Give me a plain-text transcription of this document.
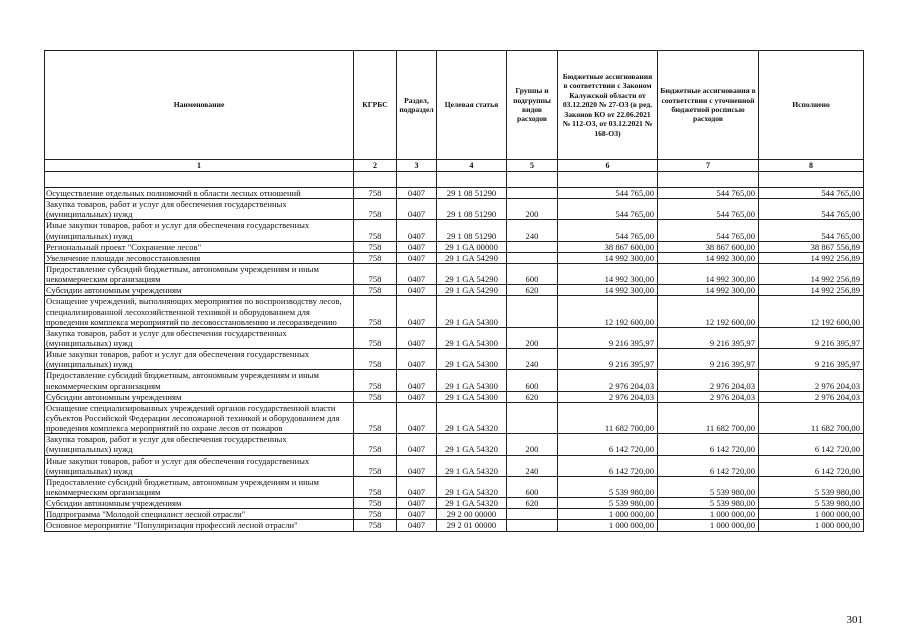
Наименование	КГРБС	Раздел, подраздел	Целевая статья	Группы и подгруппы видов расходов	Бюджетные ассигнования в соответствии с Законом Калужской области от 03.12.2020 № 27-ОЗ (в ред. Законов КО от 22.06.2021 № 112-ОЗ, от 03.12.2021 № 168-ОЗ)	Бюджетные ассигнования в соответствии с уточненной бюджетной росписью расходов	Исполнено
1	2	3	4	5	6	7	8

Осуществление отдельных полномочий в области лесных отношений	758	0407	29 1 08 51290		544 765,00	544 765,00	544 765,00
Закупка товаров, работ и услуг для обеспечения государственных (муниципальных) нужд	758	0407	29 1 08 51290	200	544 765,00	544 765,00	544 765,00
Иные закупки товаров, работ и услуг для обеспечения государственных (муниципальных) нужд	758	0407	29 1 08 51290	240	544 765,00	544 765,00	544 765,00
Региональный проект "Сохранение лесов"	758	0407	29 1 GA 00000		38 867 600,00	38 867 600,00	38 867 556,89
Увеличение площади лесовосстановления	758	0407	29 1 GA 54290		14 992 300,00	14 992 300,00	14 992 256,89
Предоставление субсидий бюджетным, автономным учреждениям и иным некоммерческим организациям	758	0407	29 1 GA 54290	600	14 992 300,00	14 992 300,00	14 992 256,89
Субсидии автономным учреждениям	758	0407	29 1 GA 54290	620	14 992 300,00	14 992 300,00	14 992 256,89
Оснащение учреждений, выполняющих мероприятия по воспроизводству лесов, специализированной лесохозяйственной техникой и оборудованием для проведения комплекса мероприятий по лесовосстановлению и лесоразведению	758	0407	29 1 GA 54300		12 192 600,00	12 192 600,00	12 192 600,00
Закупка товаров, работ и услуг для обеспечения государственных (муниципальных) нужд	758	0407	29 1 GA 54300	200	9 216 395,97	9 216 395,97	9 216 395,97
Иные закупки товаров, работ и услуг для обеспечения государственных (муниципальных) нужд	758	0407	29 1 GA 54300	240	9 216 395,97	9 216 395,97	9 216 395,97
Предоставление субсидий бюджетным, автономным учреждениям и иным некоммерческим организациям	758	0407	29 1 GA 54300	600	2 976 204,03	2 976 204,03	2 976 204,03
Субсидии автономным учреждениям	758	0407	29 1 GA 54300	620	2 976 204,03	2 976 204,03	2 976 204,03
Оснащение специализированных учреждений органов государственной власти субъектов Российской Федерации лесопожарной техникой и оборудованием для проведения комплекса мероприятий по охране лесов от пожаров	758	0407	29 1 GA 54320		11 682 700,00	11 682 700,00	11 682 700,00
Закупка товаров, работ и услуг для обеспечения государственных (муниципальных) нужд	758	0407	29 1 GA 54320	200	6 142 720,00	6 142 720,00	6 142 720,00
Иные закупки товаров, работ и услуг для обеспечения государственных (муниципальных) нужд	758	0407	29 1 GA 54320	240	6 142 720,00	6 142 720,00	6 142 720,00
Предоставление субсидий бюджетным, автономным учреждениям и иным некоммерческим организациям	758	0407	29 1 GA 54320	600	5 539 980,00	5 539 980,00	5 539 980,00
Субсидии автономным учреждениям	758	0407	29 1 GA 54320	620	5 539 980,00	5 539 980,00	5 539 980,00
Подпрограмма "Молодой специалист лесной отрасли"	758	0407	29 2 00 00000		1 000 000,00	1 000 000,00	1 000 000,00
Основное мероприятие "Популяризация профессий лесной отрасли"	758	0407	29 2 01 00000		1 000 000,00	1 000 000,00	1 000 000,00
301
